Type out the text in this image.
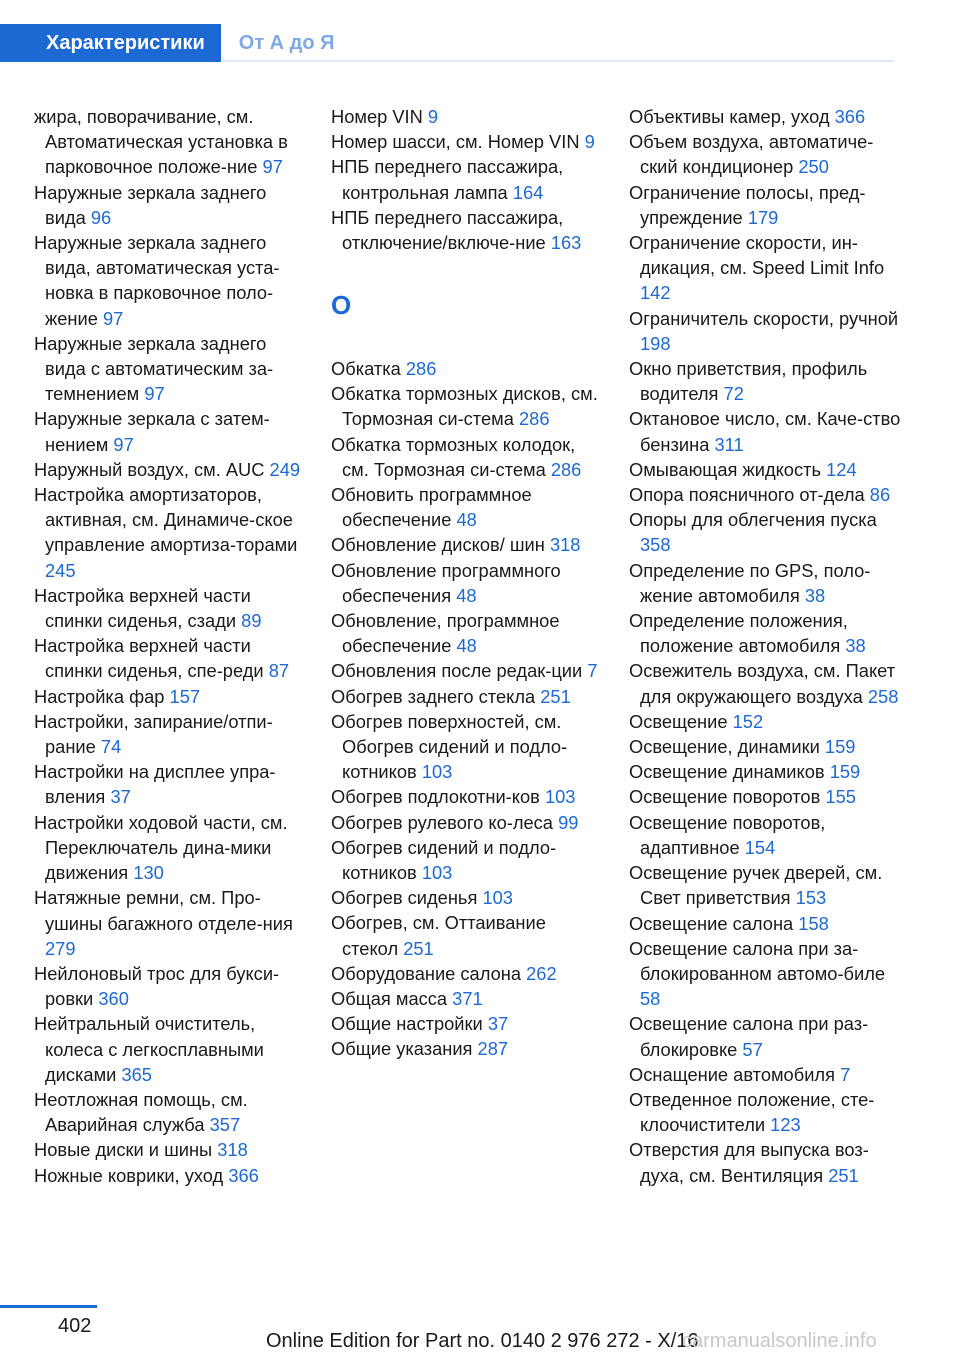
Характеристики	От А до Я

жира, поворачивание, см. Автоматическая установка в парковочное положе‐ние 97

Наружные зеркала заднего вида 96

Наружные зеркала заднего вида, автоматическая уста‐новка в парковочное поло‐жение 97

Наружные зеркала заднего вида с автоматическим за‐темнением 97

Наружные зеркала с затем‐нением 97

Наружный воздух, см. AUC 249

Настройка амортизаторов, активная, см. Динамиче‐ское управление амортиза‐торами 245

Настройка верхней части спинки сиденья, сзади 89

Настройка верхней части спинки сиденья, спе‐реди 87

Настройка фар 157

Настройки, запирание/отпи‐рание 74

Настройки на дисплее упра‐вления 37

Настройки ходовой части, см. Переключатель дина‐мики движения 130

Натяжные ремни, см. Про‐ушины багажного отделе‐ния 279

Нейлоновый трос для букси‐ровки 360

Нейтральный очиститель, колеса с легкосплавными дисками 365

Неотложная помощь, см. Аварийная служба 357

Новые диски и шины 318

Ножные коврики, уход 366

Номер VIN 9

Номер шасси, см. Номер VIN 9

НПБ переднего пассажира, контрольная лампа 164

НПБ переднего пассажира, отключение/включе‐ние 163

O

Обкатка 286

Обкатка тормозных дисков, см. Тормозная си‐стема 286

Обкатка тормозных колодок, см. Тормозная си‐стема 286

Обновить программное обеспечение 48

Обновление дисков/ шин 318

Обновление программного обеспечения 48

Обновление, программное обеспечение 48

Обновления после редак‐ции 7

Обогрев заднего стекла 251

Обогрев поверхностей, см. Обогрев сидений и подло‐котников 103

Обогрев подлокотни‐ков 103

Обогрев рулевого ко‐леса 99

Обогрев сидений и подло‐котников 103

Обогрев сиденья 103

Обогрев, см. Оттаивание стекол 251

Оборудование салона 262

Общая масса 371

Общие настройки 37

Общие указания 287

Объективы камер, уход 366

Объем воздуха, автоматиче‐ский кондиционер 250

Ограничение полосы, пред‐упреждение 179

Ограничение скорости, ин‐дикация, см. Speed Limit Info 142

Ограничитель скорости, ручной 198

Окно приветствия, профиль водителя 72

Октановое число, см. Каче‐ство бензина 311

Омывающая жидкость 124

Опора поясничного от‐дела 86

Опоры для облегчения пуска 358

Определение по GPS, поло‐жение автомобиля 38

Определение положения, положение автомобиля 38

Освежитель воздуха, см. Пакет для окружающего воздуха 258

Освещение 152

Освещение, динамики 159

Освещение динамиков 159

Освещение поворотов 155

Освещение поворотов, адаптивное 154

Освещение ручек дверей, см. Свет приветствия 153

Освещение салона 158

Освещение салона при за‐блокированном автомо‐биле 58

Освещение салона при раз‐блокировке 57

Оснащение автомобиля 7

Отведенное положение, сте‐клоочистители 123

Отверстия для выпуска воз‐духа, см. Вентиляция 251

402
Online Edition for Part no. 0140 2 976 272 - X/16
carmanualsonline.info
